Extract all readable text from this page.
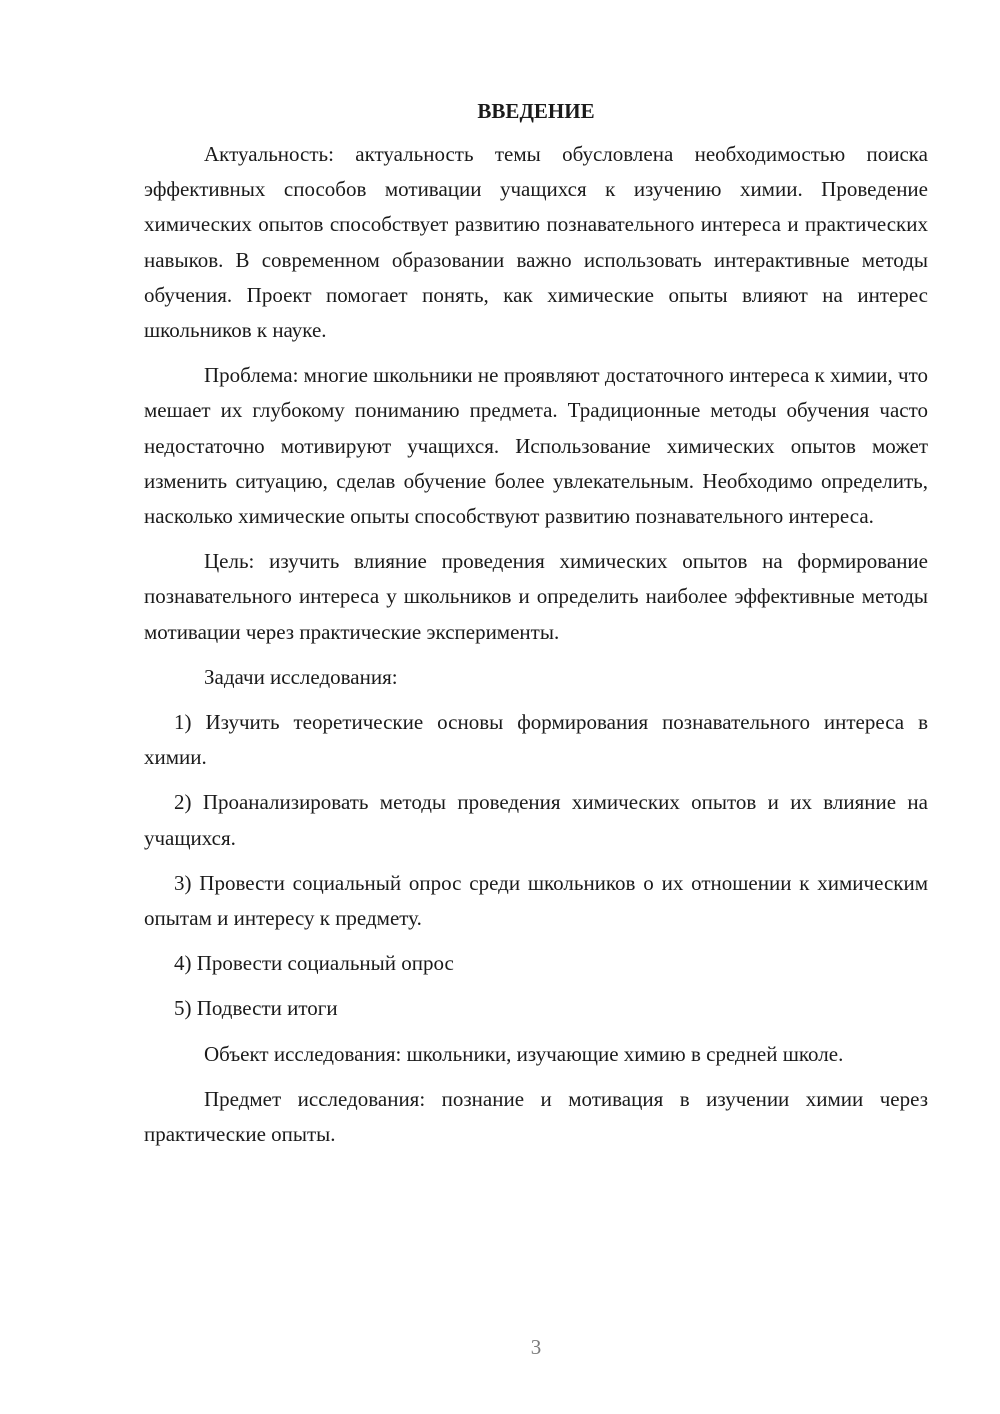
ВВЕДЕНИЕ

Актуальность: актуальность темы обусловлена необходимостью поиска эффективных способов мотивации учащихся к изучению химии. Проведение химических опытов способствует развитию познавательного интереса и практических навыков. В современном образовании важно использовать интерактивные методы обучения. Проект помогает понять, как химические опыты влияют на интерес школьников к науке.

Проблема: многие школьники не проявляют достаточного интереса к химии, что мешает их глубокому пониманию предмета. Традиционные методы обучения часто недостаточно мотивируют учащихся. Использование химических опытов может изменить ситуацию, сделав обучение более увлекательным. Необходимо определить, насколько химические опыты способствуют развитию познавательного интереса.

Цель: изучить влияние проведения химических опытов на формирование познавательного интереса у школьников и определить наиболее эффективные методы мотивации через практические эксперименты.

Задачи исследования:

1) Изучить теоретические основы формирования познавательного интереса в химии.

2) Проанализировать методы проведения химических опытов и их влияние на учащихся.

3) Провести социальный опрос среди школьников о их отношении к химическим опытам и интересу к предмету.

4) Провести социальный опрос

5) Подвести итоги

Объект исследования: школьники, изучающие химию в средней школе.

Предмет исследования: познание и мотивация в изучении химии через практические опыты.

3
